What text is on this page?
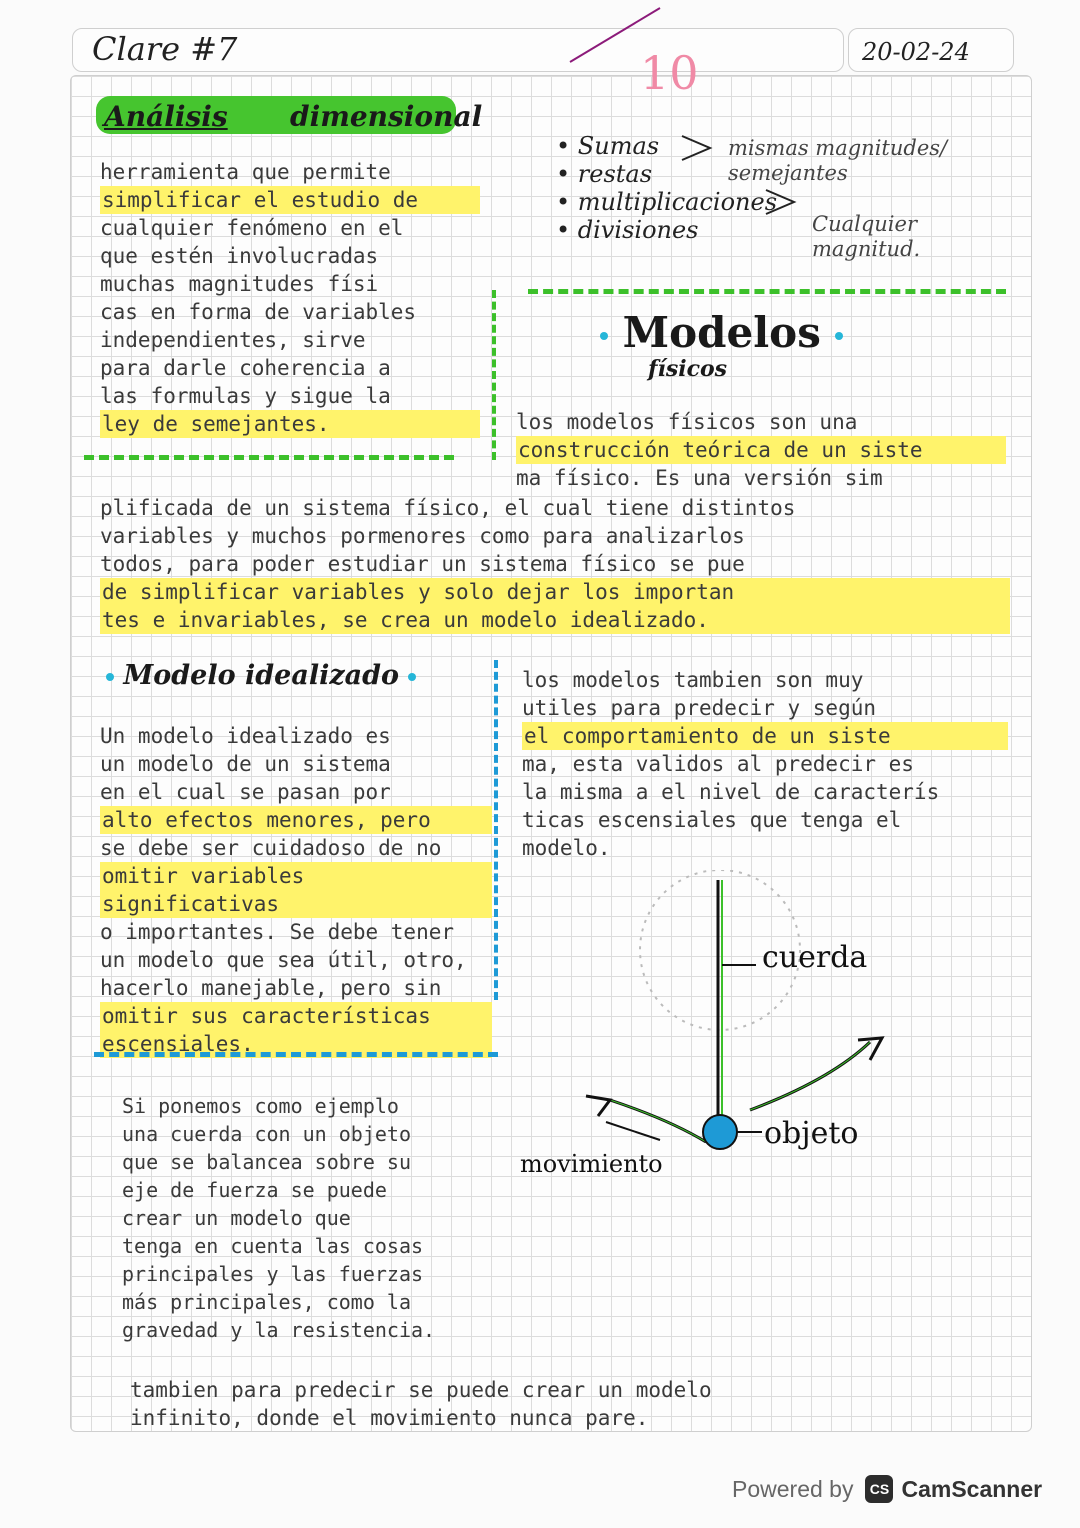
Clare #7	20-02-24
10
Análisis dimensional
herramienta que permite
simplificar el estudio de
cualquier fenómeno en el
que estén involucradas
muchas magnitudes físi
cas en forma de variables
independientes, sirve
para darle coherencia a
las formulas y sigue la
ley de semejantes.
• Sumas
• restas
• multiplicaciones
• divisiones
mismas magnitudes/ semejantes
Cualquier magnitud.
Modelos
físicos
los modelos físicos son una
construcción teórica de un siste
ma físico. Es una versión sim
plificada de un sistema físico, el cual tiene distintos
variables y muchos pormenores como para analizarlos
todos, para poder estudiar un sistema físico se pue
de simplificar variables y solo dejar los importan
tes e invariables, se crea un modelo idealizado.
Modelo idealizado
Un modelo idealizado es
un modelo de un sistema
en el cual se pasan por
alto efectos menores, pero
se debe ser cuidadoso de no
omitir variables significativas
o importantes. Se debe tener
un modelo que sea útil, otro,
hacerlo manejable, pero sin
omitir sus características
escensiales.
los modelos tambien son muy
utiles para predecir y según
el comportamiento de un siste
ma, esta validos al predecir es
la misma a el nivel de caracterís
ticas escensiales que tenga el
modelo.
cuerda
objeto
movimiento
Si ponemos como ejemplo
una cuerda con un objeto
que se balancea sobre su
eje de fuerza se puede
crear un modelo que
tenga en cuenta las cosas
principales y las fuerzas
más principales, como la
gravedad y la resistencia.
tambien para predecir se puede crear un modelo
infinito, donde el movimiento nunca pare.
Powered by	CS CamScanner
